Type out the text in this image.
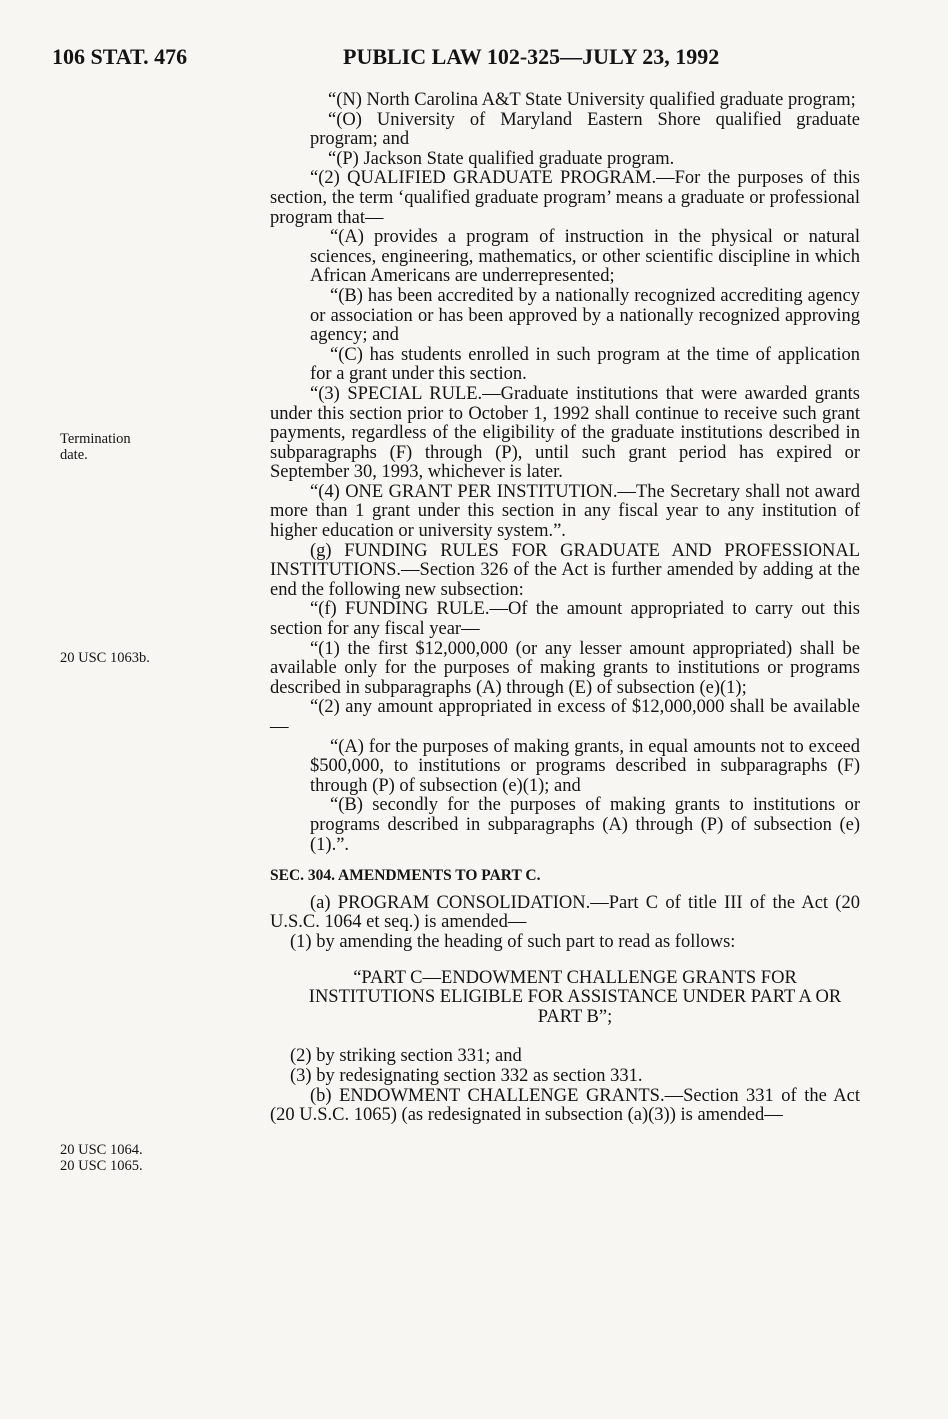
106 STAT. 476	PUBLIC LAW 102-325—JULY 23, 1992
Termination
date.
20 USC 1063b.
20 USC 1064.
20 USC 1065.

“(N) North Carolina A&T State University qualified graduate program;

“(O) University of Maryland Eastern Shore qualified graduate program; and

“(P) Jackson State qualified graduate program.

“(2) QUALIFIED GRADUATE PROGRAM.—For the purposes of this section, the term ‘qualified graduate program’ means a graduate or professional program that—

“(A) provides a program of instruction in the physical or natural sciences, engineering, mathematics, or other scientific discipline in which African Americans are underrepresented;

“(B) has been accredited by a nationally recognized accrediting agency or association or has been approved by a nationally recognized approving agency; and

“(C) has students enrolled in such program at the time of application for a grant under this section.

“(3) SPECIAL RULE.—Graduate institutions that were awarded grants under this section prior to October 1, 1992 shall continue to receive such grant payments, regardless of the eligibility of the graduate institutions described in subparagraphs (F) through (P), until such grant period has expired or September 30, 1993, whichever is later.

“(4) ONE GRANT PER INSTITUTION.—The Secretary shall not award more than 1 grant under this section in any fiscal year to any institution of higher education or university system.”.

(g) FUNDING RULES FOR GRADUATE AND PROFESSIONAL INSTITUTIONS.—Section 326 of the Act is further amended by adding at the end the following new subsection:

“(f) FUNDING RULE.—Of the amount appropriated to carry out this section for any fiscal year—

“(1) the first $12,000,000 (or any lesser amount appropriated) shall be available only for the purposes of making grants to institutions or programs described in subparagraphs (A) through (E) of subsection (e)(1);

“(2) any amount appropriated in excess of $12,000,000 shall be available—

“(A) for the purposes of making grants, in equal amounts not to exceed $500,000, to institutions or programs described in subparagraphs (F) through (P) of subsection (e)(1); and

“(B) secondly for the purposes of making grants to institutions or programs described in subparagraphs (A) through (P) of subsection (e)(1).”.

SEC. 304. AMENDMENTS TO PART C.

(a) PROGRAM CONSOLIDATION.—Part C of title III of the Act (20 U.S.C. 1064 et seq.) is amended—

(1) by amending the heading of such part to read as follows:

“PART C—ENDOWMENT CHALLENGE GRANTS FOR INSTITUTIONS ELIGIBLE FOR ASSISTANCE UNDER PART A OR PART B”;

(2) by striking section 331; and

(3) by redesignating section 332 as section 331.

(b) ENDOWMENT CHALLENGE GRANTS.—Section 331 of the Act (20 U.S.C. 1065) (as redesignated in subsection (a)(3)) is amended—
